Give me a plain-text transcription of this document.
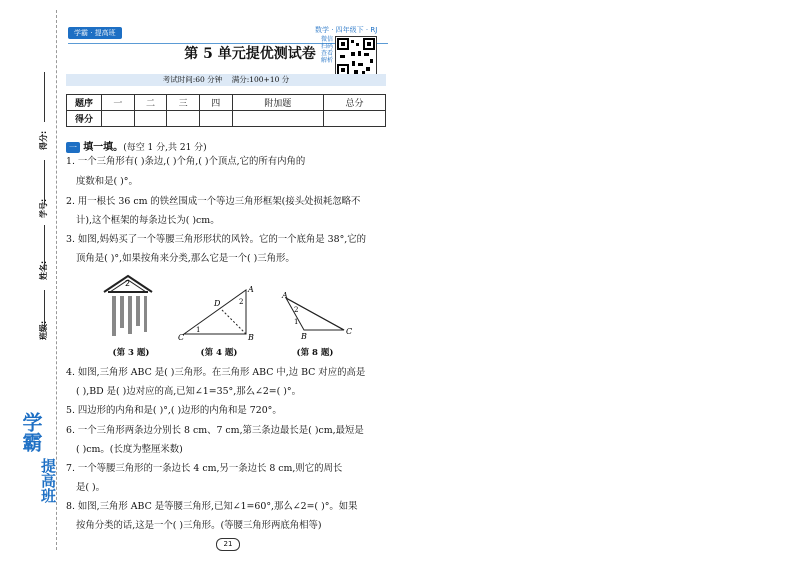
得分:
学号:
姓名:
班级:
学霸
提高班
学霸 · 提高班	数学 · 四年级下 · RJ
第 5 单元提优测试卷
微信扫码 查看解析
考试时间:60 分钟 满分:100+10 分
题序	一	二	三	四	附加题	总分
得分						
一 填一填。(每空 1 分,共 21 分)
1. 一个三角形有( )条边,( )个角,( )个顶点,它的所有内角的
度数和是( )°。
2. 用一根长 36 cm 的铁丝围成一个等边三角形框架(接头处损耗忽略不
计),这个框架的每条边长为( )cm。
3. 如图,妈妈买了一个等腰三角形形状的风铃。它的一个底角是 38°,它的
顶角是( )°,如果按角来分类,那么它是一个( )三角形。
2
(第 3 题)
A
B
C
D
1
2
(第 4 题)
A
B
C
1
2
(第 8 题)
4. 如图,三角形 ABC 是( )三角形。在三角形 ABC 中,边 BC 对应的高是
( ),BD 是( )边对应的高,已知∠1=35°,那么∠2=( )°。
5. 四边形的内角和是( )°,( )边形的内角和是 720°。
6. 一个三角形两条边分别长 8 cm、7 cm,第三条边最长是( )cm,最短是
( )cm。(长度为整厘米数)
7. 一个等腰三角形的一条边长 4 cm,另一条边长 8 cm,则它的周长
是( )。
8. 如图,三角形 ABC 是等腰三角形,已知∠1=60°,那么∠2=( )°。如果
按角分类的话,这是一个( )三角形。(等腰三角形两底角相等)
21
